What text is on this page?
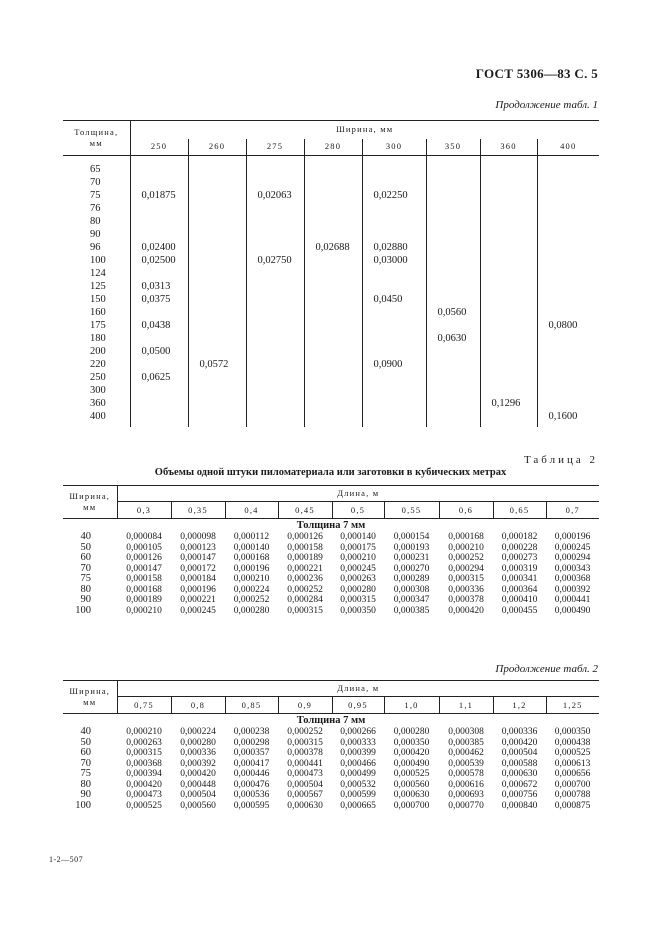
ГОСТ 5306—83 С. 5
Продолжение табл. 1
Толщина,
мм	Ширина, мм							
	250	260	275	280	300	350	360	400
65								
70								
75	0,01875		0,02063		0,02250			
76								
80								
90								
96	0,02400			0,02688	0,02880			
100	0,02500		0,02750		0,03000			
124								
125	0,0313							
150	0,0375				0,0450			
160						0,0560		
175	0,0438							0,0800
180						0,0630		
200	0,0500							
220		0,0572			0,0900			
250	0,0625							
300								
360							0,1296	
400								0,1600
Таблица 2
Объемы одной штуки пиломатериала или заготовки в кубических метрах
Ширина,
мм	Длина, м								
	0,3	0,35	0,4	0,45	0,5	0,55	0,6	0,65	0,7
Толщина 7 мм									
40	0,000084	0,000098	0,000112	0,000126	0,000140	0,000154	0,000168	0,000182	0,000196
50	0,000105	0,000123	0,000140	0,000158	0,000175	0,000193	0,000210	0,000228	0,000245
60	0,000126	0,000147	0,000168	0,000189	0,000210	0,000231	0,000252	0,000273	0,000294
70	0,000147	0,000172	0,000196	0,000221	0,000245	0,000270	0,000294	0,000319	0,000343
75	0,000158	0,000184	0,000210	0,000236	0,000263	0,000289	0,000315	0,000341	0,000368
80	0,000168	0,000196	0,000224	0,000252	0,000280	0,000308	0,000336	0,000364	0,000392
90	0,000189	0,000221	0,000252	0,000284	0,000315	0,000347	0,000378	0,000410	0,000441
100	0,000210	0,000245	0,000280	0,000315	0,000350	0,000385	0,000420	0,000455	0,000490
Продолжение табл. 2
Ширина,
мм	Длина, м								
	0,75	0,8	0,85	0,9	0,95	1,0	1,1	1,2	1,25
Толщина 7 мм									
40	0,000210	0,000224	0,000238	0,000252	0,000266	0,000280	0,000308	0,000336	0,000350
50	0,000263	0,000280	0,000298	0,000315	0,000333	0,000350	0,000385	0,000420	0,000438
60	0,000315	0,000336	0,000357	0,000378	0,000399	0,000420	0,000462	0,000504	0,000525
70	0,000368	0,000392	0,000417	0,000441	0,000466	0,000490	0,000539	0,000588	0,000613
75	0,000394	0,000420	0,000446	0,000473	0,000499	0,000525	0,000578	0,000630	0,000656
80	0,000420	0,000448	0,000476	0,000504	0,000532	0,000560	0,000616	0,000672	0,000700
90	0,000473	0,000504	0,000536	0,000567	0,000599	0,000630	0,000693	0,000756	0,000788
100	0,000525	0,000560	0,000595	0,000630	0,000665	0,000700	0,000770	0,000840	0,000875
1-2—507
